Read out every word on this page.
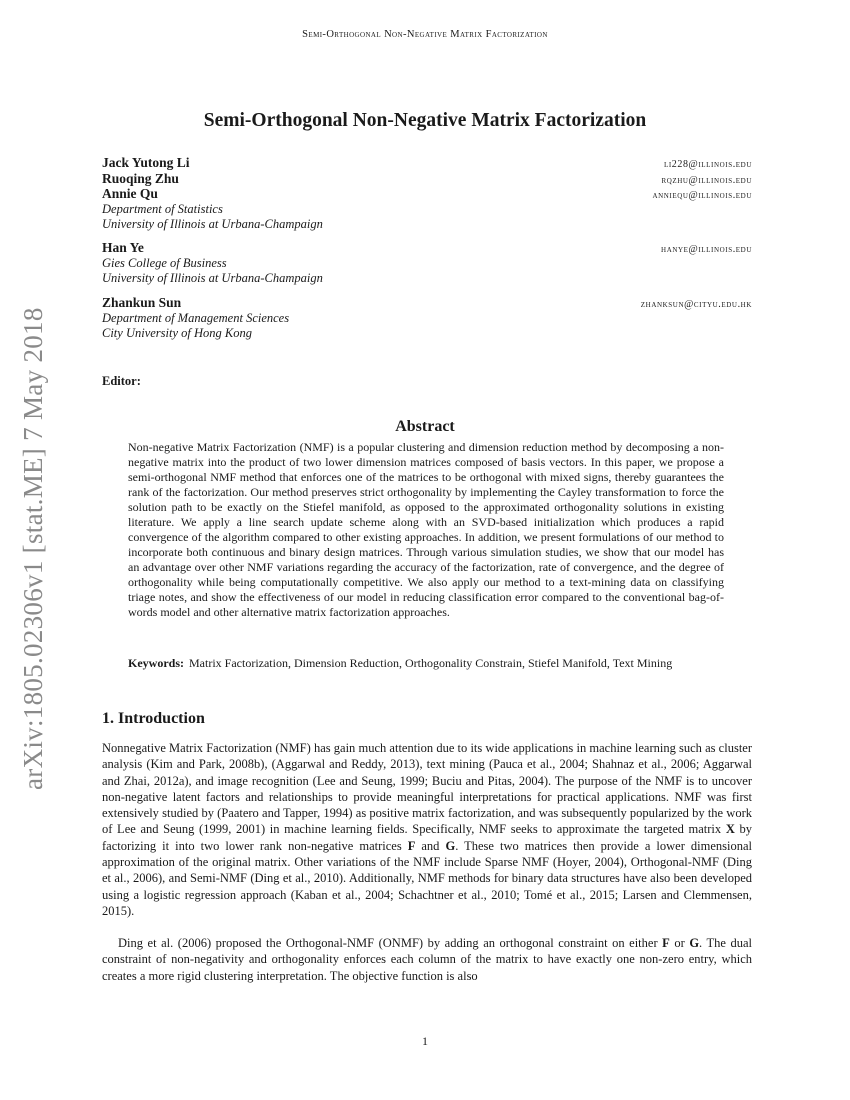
Semi-Orthogonal Non-Negative Matrix Factorization
arXiv:1805.02306v1 [stat.ME] 7 May 2018
Semi-Orthogonal Non-Negative Matrix Factorization
Jack Yutong Li	li228@illinois.edu
Ruoqing Zhu	rqzhu@illinois.edu
Annie Qu	anniequ@illinois.edu
Department of Statistics
University of Illinois at Urbana-Champaign
Han Ye	hanye@illinois.edu
Gies College of Business
University of Illinois at Urbana-Champaign
Zhankun Sun	zhanksun@cityu.edu.hk
Department of Management Sciences
City University of Hong Kong
Editor:
Abstract

Non-negative Matrix Factorization (NMF) is a popular clustering and dimension reduction method by decomposing a non-negative matrix into the product of two lower dimension matrices composed of basis vectors. In this paper, we propose a semi-orthogonal NMF method that enforces one of the matrices to be orthogonal with mixed signs, thereby guarantees the rank of the factorization. Our method preserves strict orthogonality by implementing the Cayley transformation to force the solution path to be exactly on the Stiefel manifold, as opposed to the approximated orthogonality solutions in existing literature. We apply a line search update scheme along with an SVD-based initialization which produces a rapid convergence of the algorithm compared to other existing approaches. In addition, we present formulations of our method to incorporate both continuous and binary design matrices. Through various simulation studies, we show that our model has an advantage over other NMF variations regarding the accuracy of the factorization, rate of convergence, and the degree of orthogonality while being computationally competitive. We also apply our method to a text-mining data on classifying triage notes, and show the effectiveness of our model in reducing classification error compared to the conventional bag-of-words model and other alternative matrix factorization approaches.

Keywords: Matrix Factorization, Dimension Reduction, Orthogonality Constrain, Stiefel Manifold, Text Mining

1. Introduction

Nonnegative Matrix Factorization (NMF) has gain much attention due to its wide applications in machine learning such as cluster analysis (Kim and Park, 2008b), (Aggarwal and Reddy, 2013), text mining (Pauca et al., 2004; Shahnaz et al., 2006; Aggarwal and Zhai, 2012a), and image recognition (Lee and Seung, 1999; Buciu and Pitas, 2004). The purpose of the NMF is to uncover non-negative latent factors and relationships to provide meaningful interpretations for practical applications. NMF was first extensively studied by (Paatero and Tapper, 1994) as positive matrix factorization, and was subsequently popularized by the work of Lee and Seung (1999, 2001) in machine learning fields. Specifically, NMF seeks to approximate the targeted matrix X by factorizing it into two lower rank non-negative matrices F and G. These two matrices then provide a lower dimensional approximation of the original matrix. Other variations of the NMF include Sparse NMF (Hoyer, 2004), Orthogonal-NMF (Ding et al., 2006), and Semi-NMF (Ding et al., 2010). Additionally, NMF methods for binary data structures have also been developed using a logistic regression approach (Kaban et al., 2004; Schachtner et al., 2010; Tomé et al., 2015; Larsen and Clemmensen, 2015).

Ding et al. (2006) proposed the Orthogonal-NMF (ONMF) by adding an orthogonal constraint on either F or G. The dual constraint of non-negativity and orthogonality enforces each column of the matrix to have exactly one non-zero entry, which creates a more rigid clustering interpretation. The objective function is also

1
